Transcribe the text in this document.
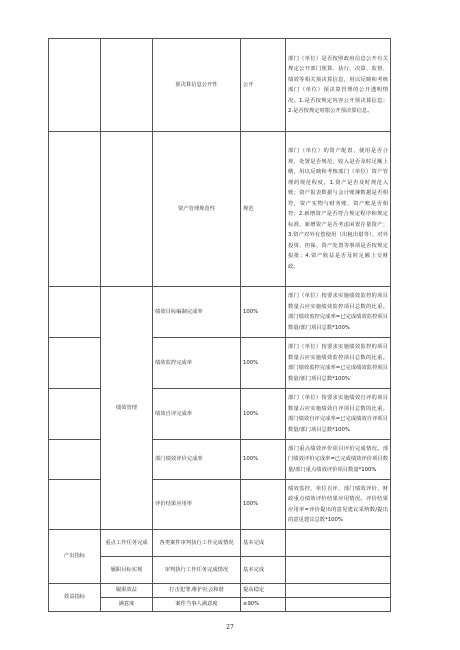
		预决算信息公开性	公开	部门（单位）是否按照政府信息公开有关规定公开部门预算、执行、决算、监督、绩效等相关预决算信息，用以反映和考核部门（单位）预决算管理的公开透明情况。1.是否按规定内容公开预决算信息；2.是否按规定时限公开预决算信息。
		资产管理规范性	规范	部门（单位）的资产配置、使用是否合规，处置是否规范，收入是否及时足额上缴，用以反映和考核部门（单位）资产管理的规范程度。1.资产是否及时规范入账；资产报表数据与会计账簿数据是否相符，资产实物与财务账、资产账是否相符；2.新增资产是否符合规定程序和规定标准，新增资产是否考虑闲置存量资产；3.资产对外有偿使用（出租出借等）、对外投资、担保、资产处置等事项是否按规定报批；4.资产收益是否及时足额上交财政。
	绩效管理	绩效目标编制完成率	100%	部门（单位）按要求实施绩效监控的项目数量占应实施绩效监控项目总数的比重。部门绩效监控完成率=已完成绩效监控项目数量/部门项目总数*100%
		绩效监控完成率	100%	部门（单位）按要求实施绩效监控的项目数量占应实施绩效监控项目总数的比重。部门绩效监控完成率=已完成绩效监控项目数量/部门项目总数*100%
		绩效自评完成率	100%	部门（单位）按要求实施绩效自评的项目数量占应实施绩效自评项目总数的比重。部门绩效自评完成率=已完成绩效自评项目数量/部门项目总数*100%
		部门绩效评价完成率	100%	部门重点绩效评价项目评价完成情况。部门绩效评价完成率=已完成绩效评价项目数量/部门重点绩效评价项目数量*100%
		评价结果应用率	100%	绩效监控、单位自评、部门绩效评价、财政重点绩效评价结果应用情况。评价结果应用率=评价提出的意见建议采纳数/提出的意见建议总数*100%
产出指标	重点工作任务完成	各类案件审判执行工作完成情况	基本完成	
	履职目标实现	审判执行工作任务完成情况	基本完成	
效益指标	履职效益	打击犯罪,维护社会和谐	提高稳定	
	满意度	案件当事人满意度	≥90%	
27
